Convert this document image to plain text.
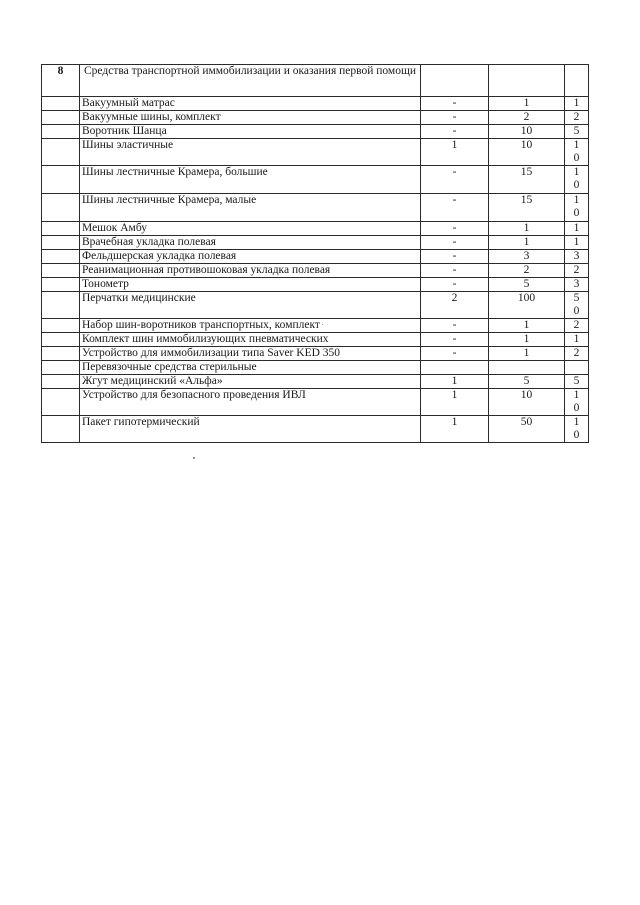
8	Средства транспортной иммобилизации и оказания первой помощи			
	Вакуумный матрас	-	1	1

	Вакуумные шины, комплект	-	2	2

	Воротник Шанца	-	10	5

	Шины эластичные	1	10	1
0

	Шины лестничные Крамера, большие	-	15	1
0

	Шины лестничные Крамера, малые	-	15	1
0

	Мешок Амбу	-	1	1

	Врачебная укладка полевая	-	1	1

	Фельдшерская укладка полевая	-	3	3

	Реанимационная противошоковая укладка полевая	-	2	2

	Тонометр	-	5	3

	Перчатки медицинские	2	100	5
0

	Набор шин-воротников транспортных, комплект	-	1	2

	Комплект шин иммобилизующих пневматических	-	1	1

	Устройство для иммобилизации типа Saver KED 350	-	1	2

	Перевязочные средства стерильные			
	Жгут медицинский «Альфа»	1	5	5

	Устройство для безопасного проведения ИВЛ	1	10	1
0

	Пакет гипотермический	1	50	1
0
